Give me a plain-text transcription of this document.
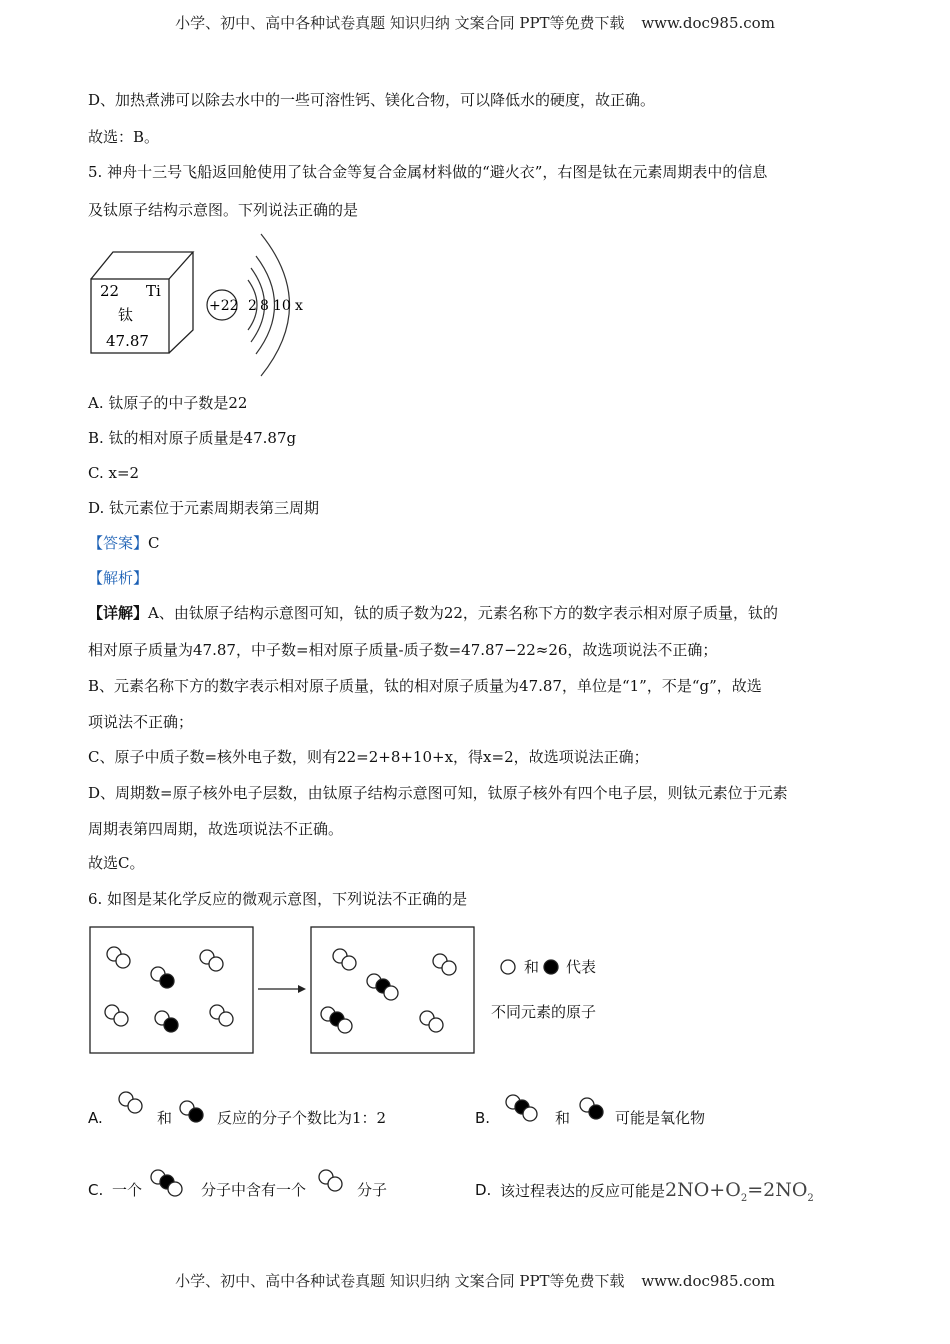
小学、初中、高中各种试卷真题 知识归纳 文案合同 PPT等免费下载 www.doc985.com
D、加热煮沸可以除去水中的一些可溶性钙、镁化合物，可以降低水的硬度，故正确。
故选：B。
5. 神舟十三号飞船返回舱使用了钛合金等复合金属材料做的“避火衣”，右图是钛在元素周期表中的信息
及钛原子结构示意图。下列说法正确的是
22 Ti
钛
47.87
+22 2 8 10 x
A. 钛原子的中子数是22
B. 钛的相对原子质量是47.87g
C. x=2
D. 钛元素位于元素周期表第三周期
【答案】C
【解析】
【详解】A、由钛原子结构示意图可知，钛的质子数为22，元素名称下方的数字表示相对原子质量，钛的
相对原子质量为47.87，中子数=相对原子质量-质子数=47.87−22≈26，故选项说法不正确；
B、元素名称下方的数字表示相对原子质量，钛的相对原子质量为47.87，单位是“1”，不是“g”，故选
项说法不正确；
C、原子中质子数=核外电子数，则有22=2+8+10+x，得x=2，故选项说法正确；
D、周期数=原子核外电子层数，由钛原子结构示意图可知，钛原子核外有四个电子层，则钛元素位于元素
周期表第四周期，故选项说法不正确。
故选C。
6. 如图是某化学反应的微观示意图，下列说法不正确的是
和 代表
不同元素的原子
A.	和	反应的分子个数比为1：2	B.	和	可能是氧化物
C. 一个	分子中含有一个	分子	D. 该过程表达的反应可能是$2NO+O_2=2NO_2$
小学、初中、高中各种试卷真题 知识归纳 文案合同 PPT等免费下载 www.doc985.com
